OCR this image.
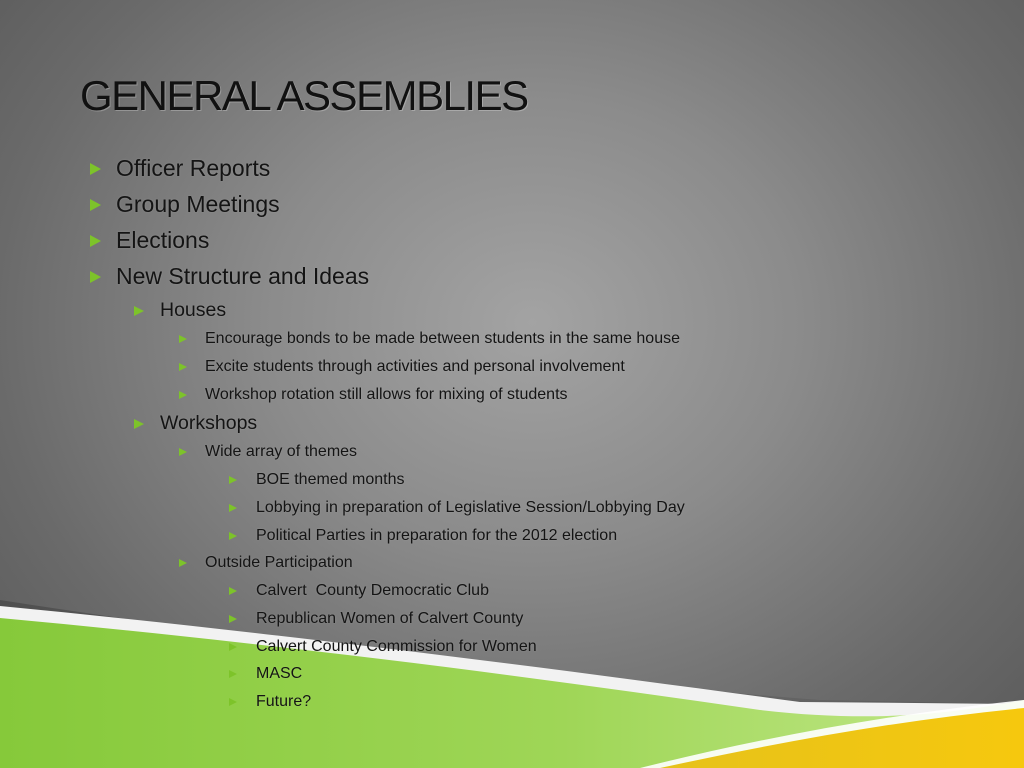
GENERAL ASSEMBLIES
Officer Reports
Group Meetings
Elections
New Structure and Ideas
Houses
Encourage bonds to be made between students in the same house
Excite students through activities and personal involvement
Workshop rotation still allows for mixing of students
Workshops
Wide array of themes
BOE themed months
Lobbying in preparation of Legislative Session/Lobbying Day
Political Parties in preparation for the 2012 election
Outside Participation
Calvert  County Democratic Club
Republican Women of Calvert County
Calvert County Commission for Women
MASC
Future?
